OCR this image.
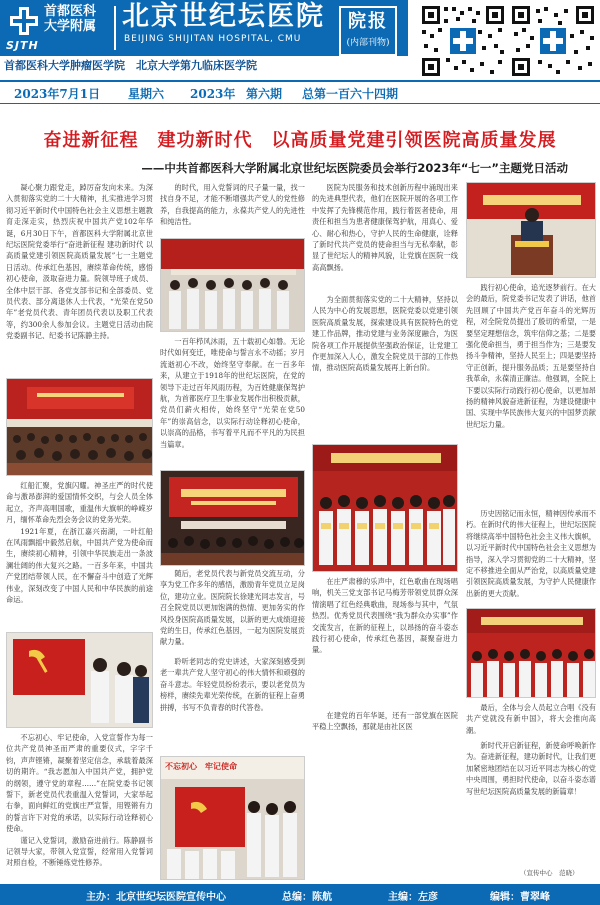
首都医科
大学附属
SJTH
北京世纪坛医院
BEIJING SHIJITAN HOSPITAL, CMU
院报
(内部刊物)
首都医科大学肿瘤医学院　北京大学第九临床医学院
2023年7月1日 星期六 2023年 第六期 总第一百六十四期
奋进新征程　建功新时代　以高质量党建引领医院高质量发展
——中共首都医科大学附属北京世纪坛医院委员会举行2023年“七一”主题党日活动

凝心聚力跟党走，踔厉奋发向未来。为深入贯彻落实党的二十大精神，扎实推进学习贯彻习近平新时代中国特色社会主义思想主题教育走深走实，热烈庆祝中国共产党102年华诞，6月30日下午，首都医科大学附属北京世纪坛医院党委举行“奋进新征程 建功新时代 以高质量党建引领医院高质量发展”七一主题党日活动。传承红色基因，赓续革命传统，感悟初心使命，汲取奋进力量。院领导班子成员、全体中层干部、各党支部书记和全部委员、党员代表、部分离退休人士代表，“光荣在党50年”老党员代表、青年团员代表以及职工代表等，约300余人参加会议。主题党日活动由院党委副书记、纪委书记陈静主持。

红船汇聚，党旗闪耀。神圣庄严的时代使命与激昂澎湃的爱国情怀交织，与会人员全体起立，齐声高唱国歌，重温伟大旗帜的峥嵘岁月，缅怀革命先烈会务会议的党务光荣。

1921年夏，在浙江嘉兴南湖，一叶红船在风雨飘摇中毅然启航，中国共产党为使命而生，赓续初心精神，引领中华民族走出一条波澜壮阔的伟大复兴之路。一百多年来，中国共产党团结带领人民，在不懈奋斗中创造了光辉伟业，深刻改变了中国人民和中华民族的前途命运。

不忘初心、牢记使命，入党宣誓作为每一位共产党员神圣而严肃的重要仪式，字字千钧，声声铿锵，凝聚着坚定信念，承载着最深切的期许。“我志愿加入中国共产党，拥护党的纲领，遵守党的章程……”在院党委书记领誓下，新老党员代表重温入党誓词，大家举起右拳，面向鲜红的党旗庄严宣誓，用铿锵有力的誓言许下对党的承诺，以实际行动诠释初心使命。

谨记入党誓词，激励奋进前行。陈静副书记领导大家，带领入党宣誓，经常用入党誓词对照自检，不断锤炼党性修养。

的时代，用入党誓词的尺子量一量，找一找自身不足，才能不断增强共产党人的党性修养，自我提高的能力，永葆共产党人的先进性和纯洁性。

一百年栉风沐雨，五十载初心如磐。无论时代如何变迁，唯使命与誓言永不动摇；岁月流逝初心不改，始终坚守奉献。在一百多年来，从建立于1918年的世纪坛医院，在党的领导下走过百年风雨历程，为百姓健康保驾护航，为首都医疗卫生事业发展作出积极贡献，党员们薪火相传，始终坚守“光荣在党50年”的崇高信念，以实际行动诠释初心使命，以崇高的品格，书写着平凡而不平凡的为民担当篇章。

随后，老党员代表与新党员交流互动，分享为党工作多年的感悟，激励青年党员立足岗位，建功立业。医院院长徐建光同志发言，号召全院党员以更加饱满的热情、更加务实的作风投身医院高质量发展，以新的更大成绩迎接党的生日，传承红色基因，一起为医院发展贡献力量。

聆听老同志的党史讲述，大家深刻感受到老一辈共产党人坚守初心的伟大情怀和顽强的奋斗意志。年轻党员纷纷表示，要以老党员为榜样，赓续先辈光荣传统，在新的征程上奋勇拼搏，书写不负青春的时代答卷。

医院为民服务和技术创新历程中涌现出来的先进典型代表，他们在医院开展的各项工作中发挥了先锋模范作用，践行着医者使命，用责任和担当为患者健康保驾护航，用真心、爱心、耐心和热心，守护人民的生命健康，诠释了新时代共产党员的使命担当与无私奉献，彰显了世纪坛人的精神风貌，让党旗在医院一线高高飘扬。

为全面贯彻落实党的二十大精神，坚持以人民为中心的发展思想，医院党委以党建引领医院高质量发展，探索建设具有医院特色的党建工作品牌，推动党建与业务深度融合，为医院各项工作开展提供坚强政治保证，让党建工作更加深入人心，激发全院党员干部的工作热情，推动医院高质量发展再上新台阶。

在庄严肃穆的乐声中，红色歌曲在现场唱响，机关三党支部书记马梅芳带领党员群众深情演唱了红色经典歌曲，现场参与其中，气氛热烈。优秀党员代表围绕“我为群众办实事”作交流发言，在新的征程上，以昂扬的奋斗姿态践行初心使命，传承红色基因，凝聚奋进力量。

践行初心使命，追光逐梦前行。在大会的最后，院党委书记发表了讲话，他首先回顾了中国共产党百年奋斗的光辉历程，对全院党员提出了殷切的希望，一是要坚定理想信念，筑牢信仰之基；二是要强化使命担当，勇于担当作为；三是要发扬斗争精神，坚持人民至上；四是要坚持守正创新，提升服务品质；五是要坚持自我革命，永葆清正廉洁。他强调，全院上下要以实际行动践行初心使命，以更加昂扬的精神风貌奋进新征程，为建设健康中国、实现中华民族伟大复兴的中国梦贡献世纪坛力量。

历史因铭记而永恒，精神因传承而不朽。在新时代的伟大征程上，世纪坛医院将继续高举中国特色社会主义伟大旗帜，以习近平新时代中国特色社会主义思想为指导，深入学习贯彻党的二十大精神，坚定不移推进全面从严治党，以高质量党建引领医院高质量发展，为守护人民健康作出新的更大贡献。

最后，全体与会人员起立合唱《没有共产党就没有新中国》，将大会推向高潮。

新时代开启新征程，新使命呼唤新作为。奋进新征程，建功新时代，让我们更加紧密地团结在以习近平同志为核心的党中央周围，勇担时代使命，以奋斗姿态谱写世纪坛医院高质量发展的新篇章！

（宣传中心　范晓）
不忘初心　牢记使命

在建党的百年华诞，还有一部党旗在医院平稳上空飘扬，那就是由社区医

主办：北京世纪坛医院宣传中心	总编：陈航	主编：左彦	编辑：曹翠峰
